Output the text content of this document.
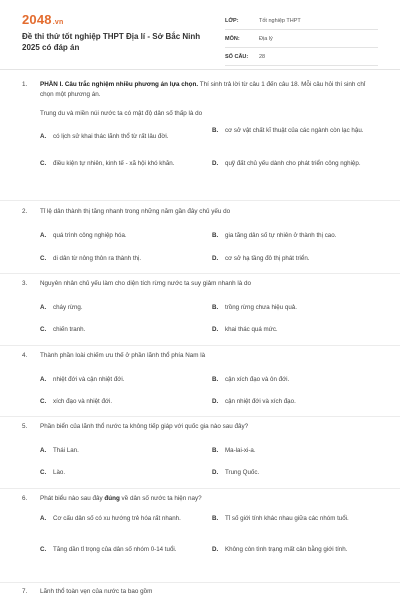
2048.vn
Đề thi thử tốt nghiệp THPT Địa lí - Sở Bắc Ninh 2025 có đáp án
LỚP:	Tốt nghiệp THPT
MÔN:	Địa lý
SỐ CÂU:	28
1.	PHẦN I. Câu trắc nghiệm nhiều phương án lựa chọn. Thí sinh trả lời từ câu 1 đến câu 18. Mỗi câu hỏi thí sinh chỉ chọn một phương án.
Trung du và miền núi nước ta có mật độ dân số thấp là do
A.	có lịch sử khai thác lãnh thổ từ rất lâu đời.
B.	cơ sở vật chất kĩ thuật của các ngành còn lạc hậu.
C.	điều kiện tự nhiên, kinh tế - xã hội khó khăn.	D.	quỹ đất chủ yếu dành cho phát triển công nghiệp.
2.	Tỉ lệ dân thành thị tăng nhanh trong những năm gần đây chủ yếu do
A.	quá trình công nghiệp hóa.	B.	gia tăng dân số tự nhiên ở thành thị cao.
C.	di dân từ nông thôn ra thành thị.	D.	cơ sở hạ tầng đô thị phát triển.
3.	Nguyên nhân chủ yếu làm cho diện tích rừng nước ta suy giảm nhanh là do
A.	cháy rừng.	B.	trồng rừng chưa hiệu quả.
C.	chiến tranh.	D.	khai thác quá mức.
4.	Thành phần loài chiếm ưu thế ở phần lãnh thổ phía Nam là
A.	nhiệt đới và cận nhiệt đới.	B.	cận xích đạo và ôn đới.
C.	xích đạo và nhiệt đới.	D.	cận nhiệt đới và xích đạo.
5.	Phần biển của lãnh thổ nước ta không tiếp giáp với quốc gia nào sau đây?
A.	Thái Lan.	B.	Ma-lai-xi-a.
C.	Lào.	D.	Trung Quốc.
6.	Phát biểu nào sau đây đúng về dân số nước ta hiện nay?
A.	Cơ cấu dân số có xu hướng trẻ hóa rất nhanh.	B.	Tỉ số giới tính khác nhau giữa các nhóm tuổi.
C.	Tăng dần tỉ trọng của dân số nhóm 0-14 tuổi.	D.	Không còn tình trạng mất cân bằng giới tính.
7.	Lãnh thổ toàn vẹn của nước ta bao gồm
